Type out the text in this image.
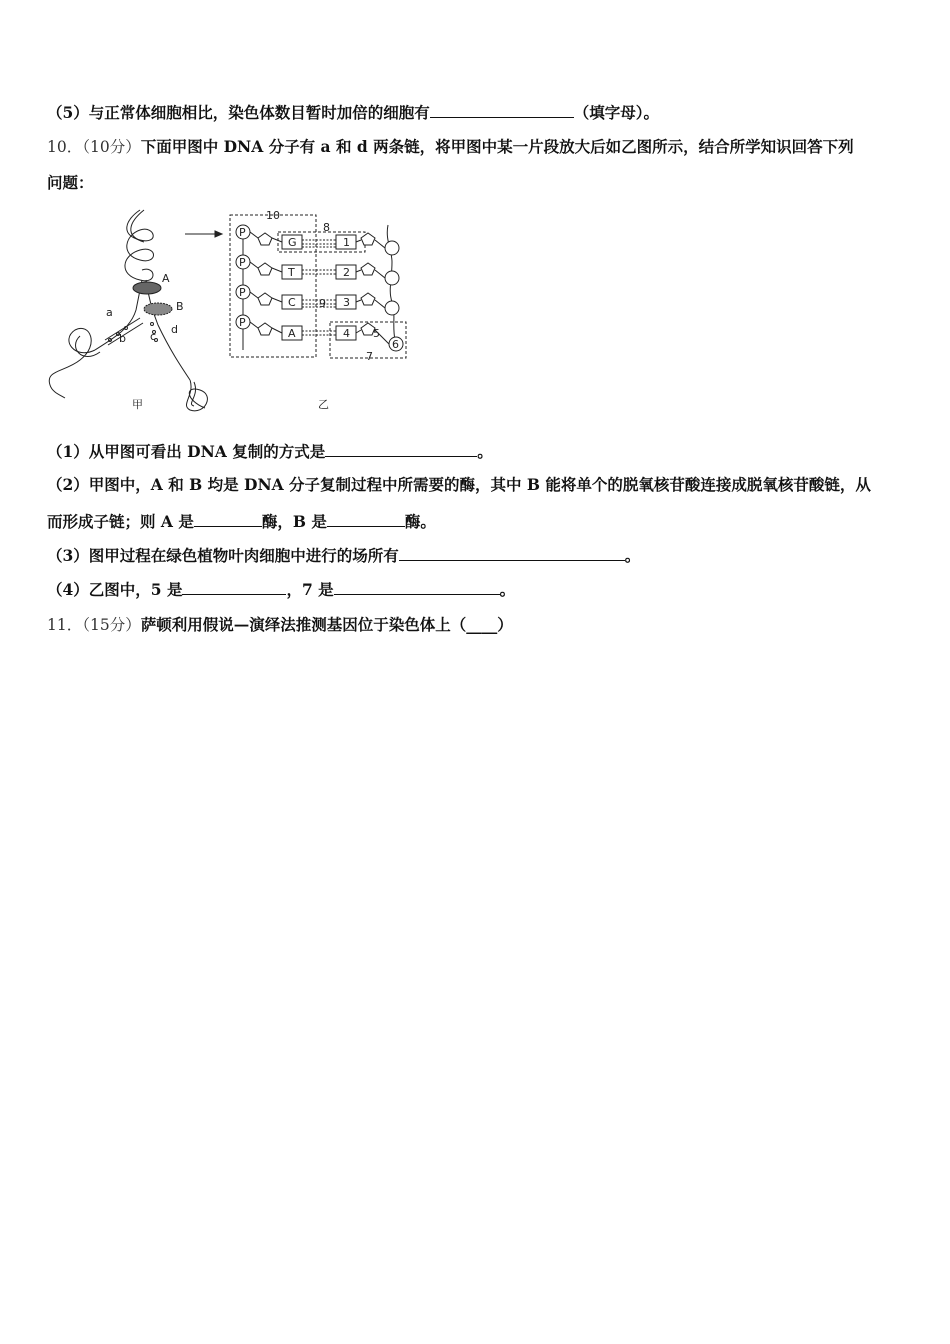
（5）与正常体细胞相比，染色体数目暂时加倍的细胞有	（填字母）。
10．（10分）下面甲图中 DNA 分子有 a 和 d 两条链，将甲图中某一片段放大后如乙图所示，结合所学知识回答下列
问题：
A
B
a
b c
d
甲
P
P
P
P
G
T
C
A
1
2
3
4
10
8
9
5
6
7
乙
（1）从甲图可看出 DNA 复制的方式是	。
（2）甲图中，A 和 B 均是 DNA 分子复制过程中所需要的酶，其中 B 能将单个的脱氧核苷酸连接成脱氧核苷酸链，从
而形成子链；则 A 是	酶，B 是	酶。
（3）图甲过程在绿色植物叶肉细胞中进行的场所有	。
（4）乙图中，5 是	，7 是	。
11．（15分）萨顿利用假说—演绎法推测基因位于染色体上（____）
